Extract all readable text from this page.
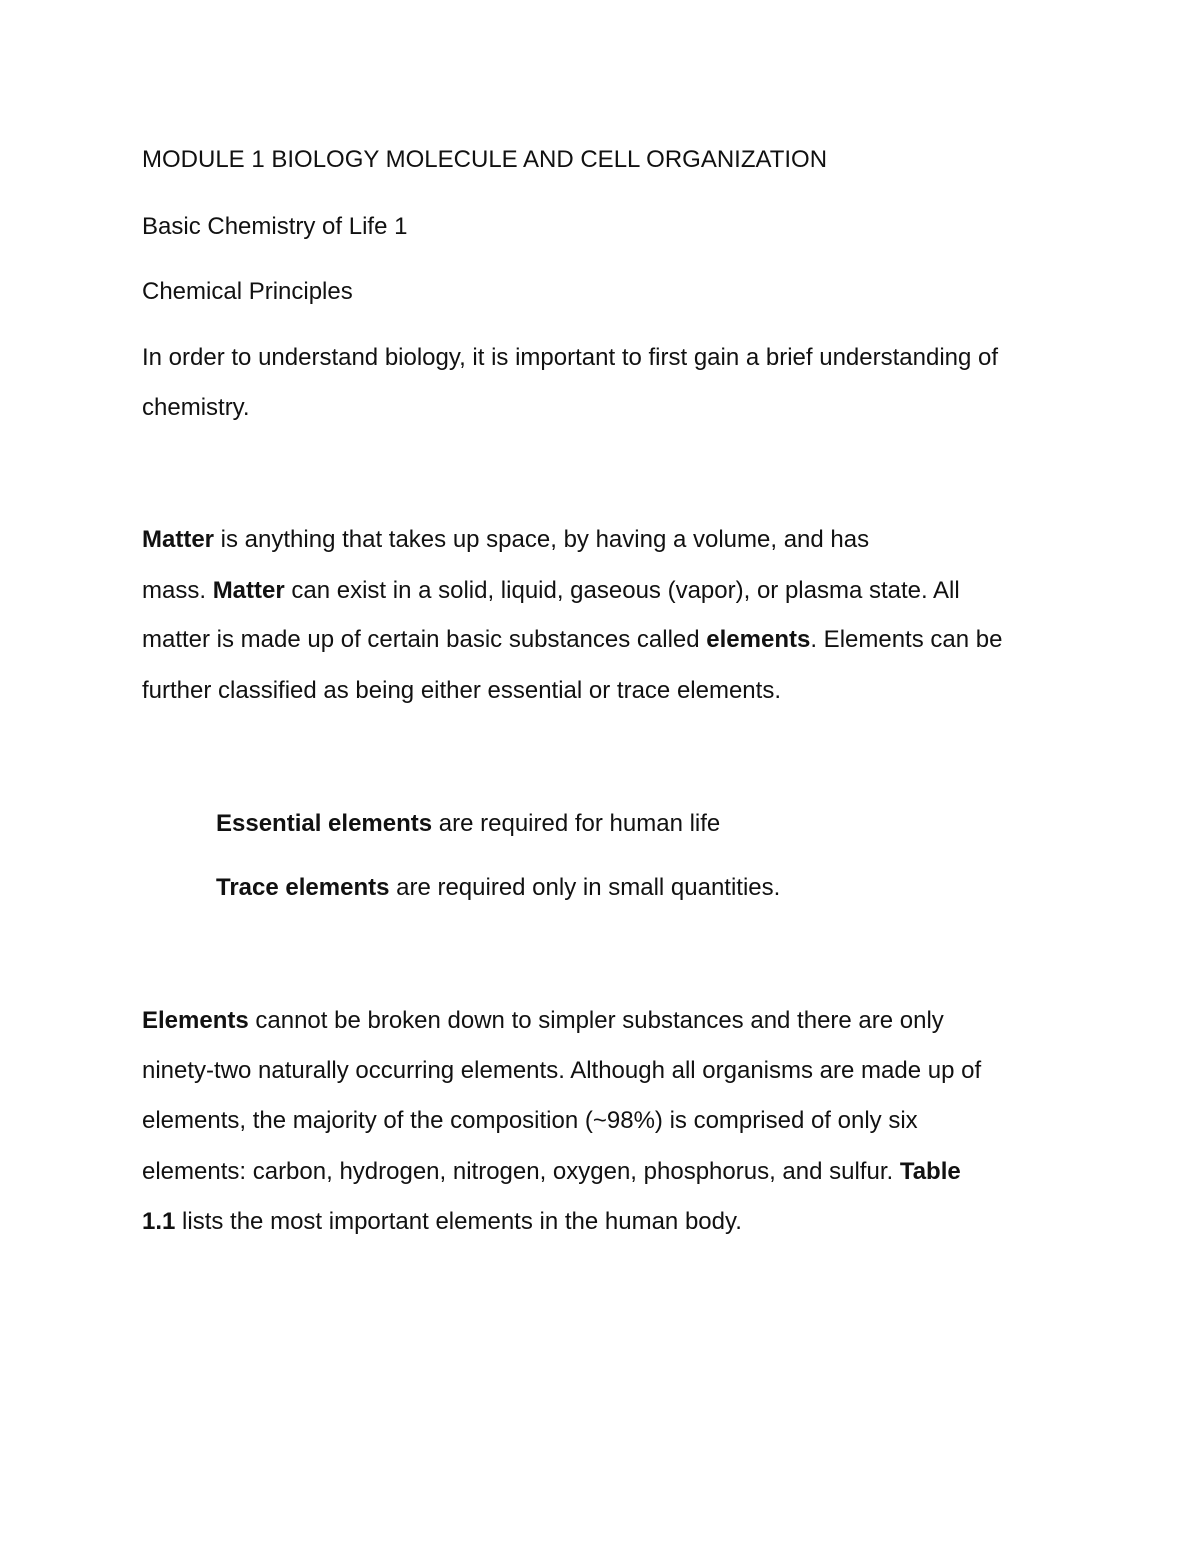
MODULE 1 BIOLOGY MOLECULE AND CELL ORGANIZATION

Basic Chemistry of Life 1

Chemical Principles

In order to understand biology, it is important to first gain a brief understanding of

chemistry.

Matter is anything that takes up space, by having a volume, and has

mass. Matter can exist in a solid, liquid, gaseous (vapor), or plasma state. All

matter is made up of certain basic substances called elements. Elements can be

further classified as being either essential or trace elements.

Essential elements are required for human life

Trace elements are required only in small quantities.

Elements cannot be broken down to simpler substances and there are only

ninety-two naturally occurring elements. Although all organisms are made up of

elements, the majority of the composition (~98%) is comprised of only six

elements: carbon, hydrogen, nitrogen, oxygen, phosphorus, and sulfur. Table

1.1 lists the most important elements in the human body.
